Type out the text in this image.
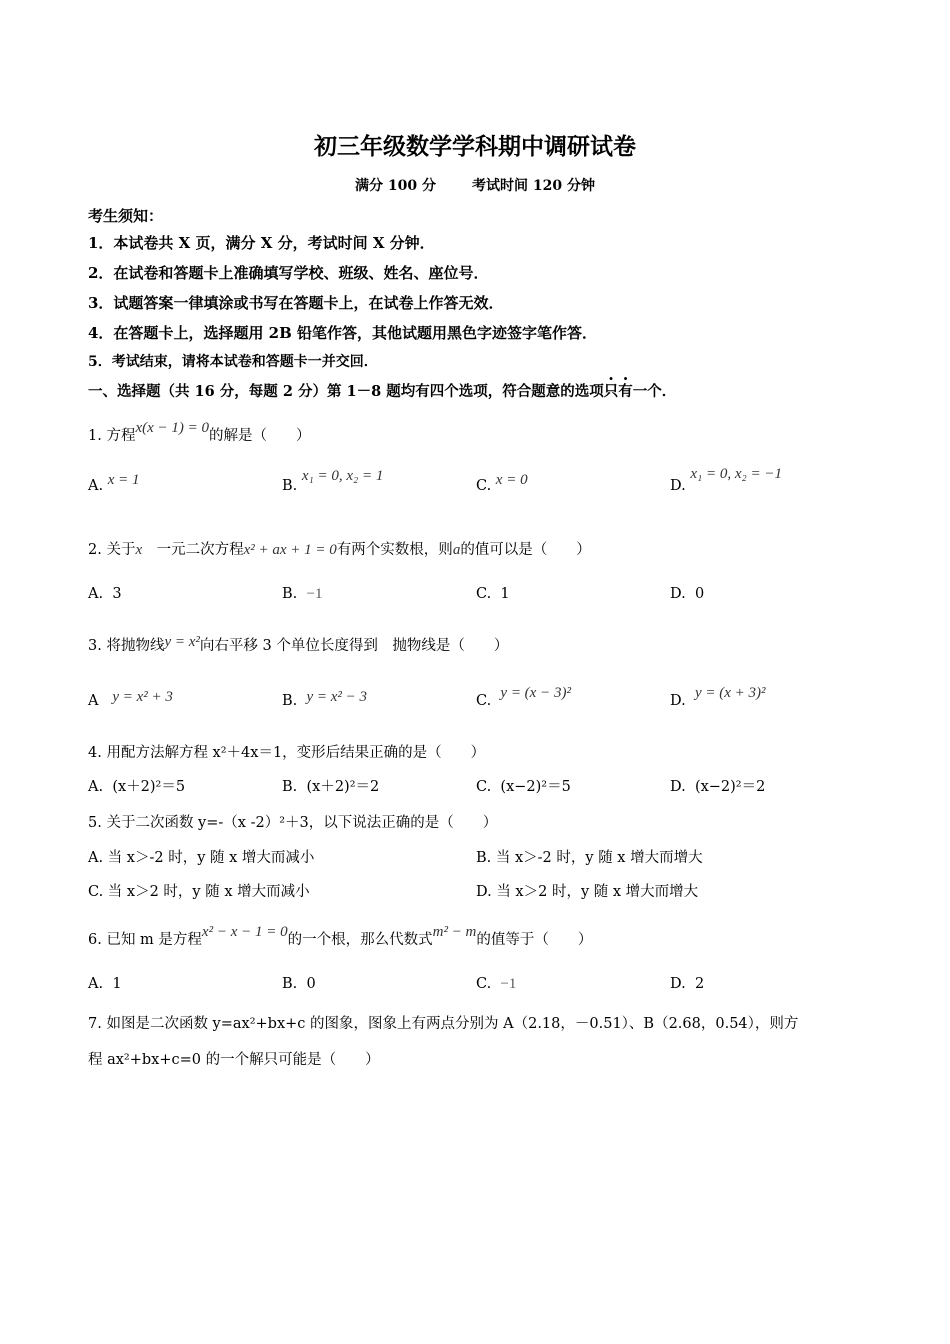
初三年级数学学科期中调研试卷
满分 100 分	考试时间 120 分钟
考生须知：
1．本试卷共 X 页，满分 X 分，考试时间 X 分钟．
2．在试卷和答题卡上准确填写学校、班级、姓名、座位号．
3．试题答案一律填涂或书写在答题卡上，在试卷上作答无效．
4．在答题卡上，选择题用 2B 铅笔作答，其他试题用黑色字迹签字笔作答．
5．考试结束，请将本试卷和答题卡一并交回．
一、选择题（共 16 分，每题 2 分）第 1－8 题均有四个选项，符合题意的选项只有一个．
1. 方程x(x − 1) = 0的解是（　　）
A. x = 1	B. x₁ = 0, x₂ = 1
C. x = 0	D. x₁ = 0, x₂ = −1
2. 关于x　一元二次方程x² + ax + 1 = 0有两个实数根，则a的值可以是（　　）
A. 3	B. −1	C. 1	D. 0
3. 将抛物线y = x²向右平移 3 个单位长度得到　抛物线是（　　）
A y = x² + 3	B. y = x² − 3	C. y = (x − 3)²	D. y = (x + 3)²
4. 用配方法解方程 x²＋4x＝1，变形后结果正确的是（　　）
A. (x＋2)²＝5	B. (x＋2)²＝2	C. (x−2)²＝5	D. (x−2)²＝2
5. 关于二次函数 y=-（x -2）²＋3，以下说法正确的是（　　）
A. 当 x＞-2 时，y 随 x 增大而减小	B. 当 x＞-2 时，y 随 x 增大而增大
C. 当 x＞2 时，y 随 x 增大而减小	D. 当 x＞2 时，y 随 x 增大而增大
6. 已知 m 是方程x² − x − 1 = 0的一个根，那么代数式m² − m的值等于（　　）
A. 1	B. 0	C. −1	D. 2
7. 如图是二次函数 y=ax²+bx+c 的图象，图象上有两点分别为 A（2.18，－0.51）、B（2.68，0.54），则方
程 ax²+bx+c=0 的一个解只可能是（　　）
